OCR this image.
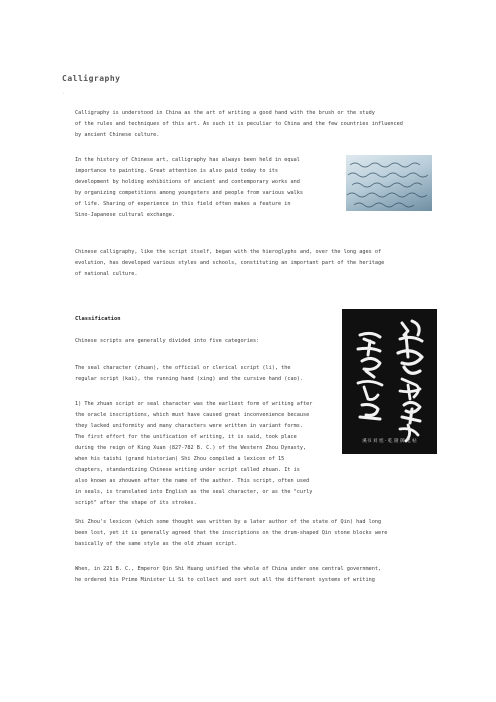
Calligraphy
·

Calligraphy is understood in China as the art of writing a good hand with the brush or the study
of the rules and techniques of this art. As such it is peculiar to China and the few countries influenced
by ancient Chinese culture.

In the history of Chinese art, calligraphy has always been held in equal
importance to painting. Great attention is also paid today to its
development by holding exhibitions of ancient and contemporary works and
by organizing competitions among youngsters and people from various walks
of life. Sharing of experience in this field often makes a feature in
Sino-Japanese cultural exchange.

Chinese calligraphy, like the script itself, began with the hieroglyphs and, over the long ages of
evolution, has developed various styles and schools, constituting an important part of the heritage
of national culture.

Classification

Chinese scripts are generally divided into five categories:

The seal character (zhuan), the official or clerical script (li), the
regular script (kai), the running hand (xing) and the cursive hand (cao).

1) The zhuan script or seal character was the earliest form of writing after
the oracle inscriptions, which must have caused great inconvenience because
they lacked uniformity and many characters were written in variant forms.
The first effort for the unification of writing, it is said, took place
during the reign of King Xuan (827-782 B. C.) of the Western Zhou Dynasty,
when his taishi (grand historian) Shi Zhou compiled a lexicon of 15
chapters, standardizing Chinese writing under script called zhuan. It is
also known as zhouwen after the name of the author. This script, often used
in seals, is translated into English as the seal character, or as the "curly
script" after the shape of its strokes.

溪书 刘 旭 · 乾 隆 御 笔 帖

Shi Zhou's lexicon (which some thought was written by a later author of the state of Qin) had long
been lost, yet it is generally agreed that the inscriptions on the drum-shaped Qin stone blocks were
basically of the same style as the old zhuan script.

When, in 221 B. C., Emperor Qin Shi Huang unified the whole of China under one central government,
he ordered his Prime Minister Li Si to collect and sort out all the different systems of writing
